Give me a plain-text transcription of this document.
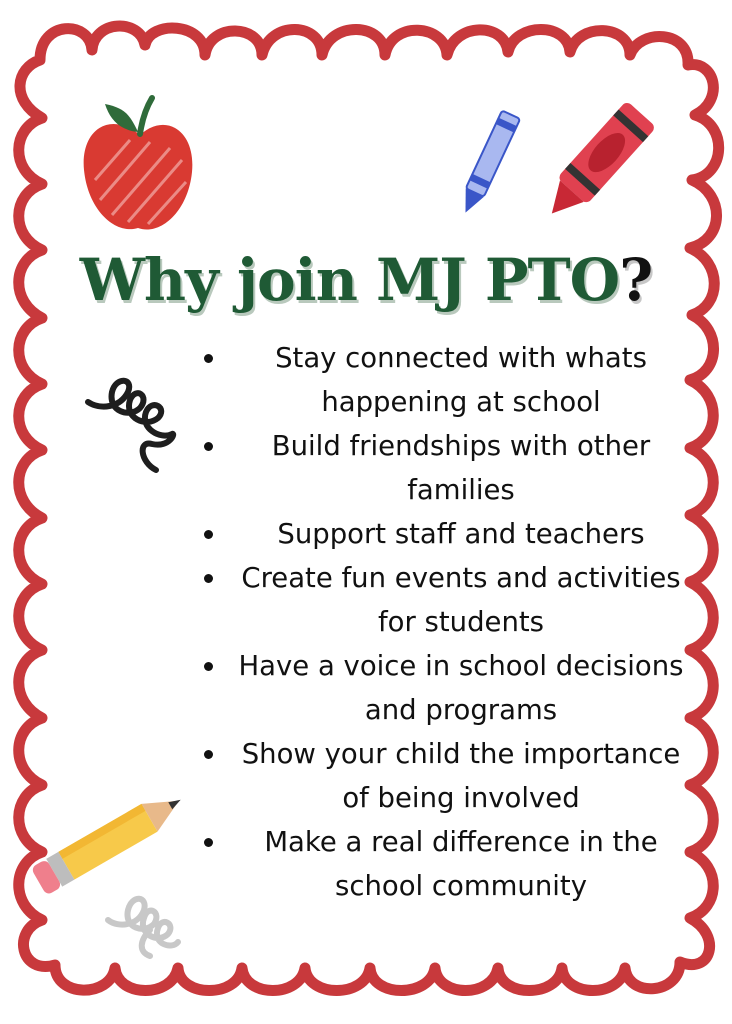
Why join MJ PTO?
Stay connected with whats happening at school
Build friendships with other families
Support staff and teachers
Create fun events and activities for students
Have a voice in school decisions and programs
Show your child the importance of being involved
Make a real difference in the school community
